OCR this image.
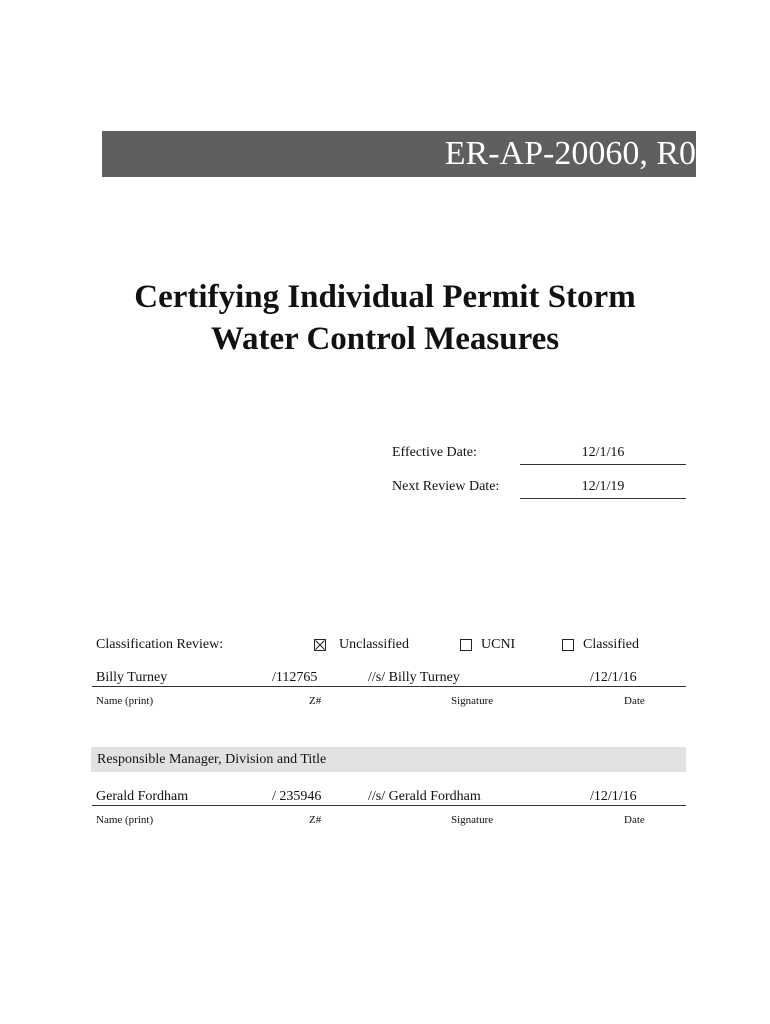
ER-AP-20060, R0
Certifying Individual Permit Storm
Water Control Measures
Effective Date:	12/1/16
Next Review Date:	12/1/19
Classification Review:	Unclassified	UCNI	Classified
Billy Turney	/112765	//s/ Billy Turney	/12/1/16
Name (print)	Z#	Signature	Date
Responsible Manager, Division and Title
Gerald Fordham	/ 235946	//s/ Gerald Fordham	/12/1/16
Name (print)	Z#	Signature	Date
